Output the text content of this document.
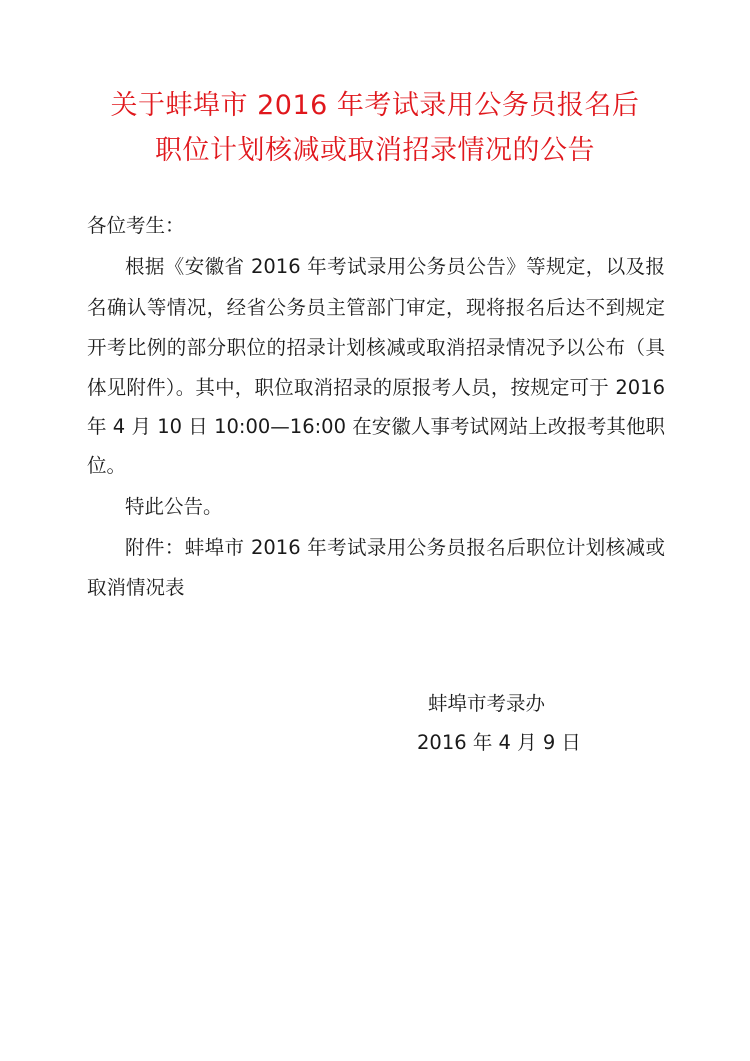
关于蚌埠市 2016 年考试录用公务员报名后
职位计划核减或取消招录情况的公告
各位考生：
根据《安徽省 2016 年考试录用公务员公告》等规定，以及报
名确认等情况，经省公务员主管部门审定，现将报名后达不到规定
开考比例的部分职位的招录计划核减或取消招录情况予以公布（具
体见附件）。其中，职位取消招录的原报考人员，按规定可于 2016
年 4 月 10 日 10:00—16:00 在安徽人事考试网站上改报考其他职
位。
特此公告。
附件：蚌埠市 2016 年考试录用公务员报名后职位计划核减或
取消情况表
蚌埠市考录办
2016 年 4 月 9 日
